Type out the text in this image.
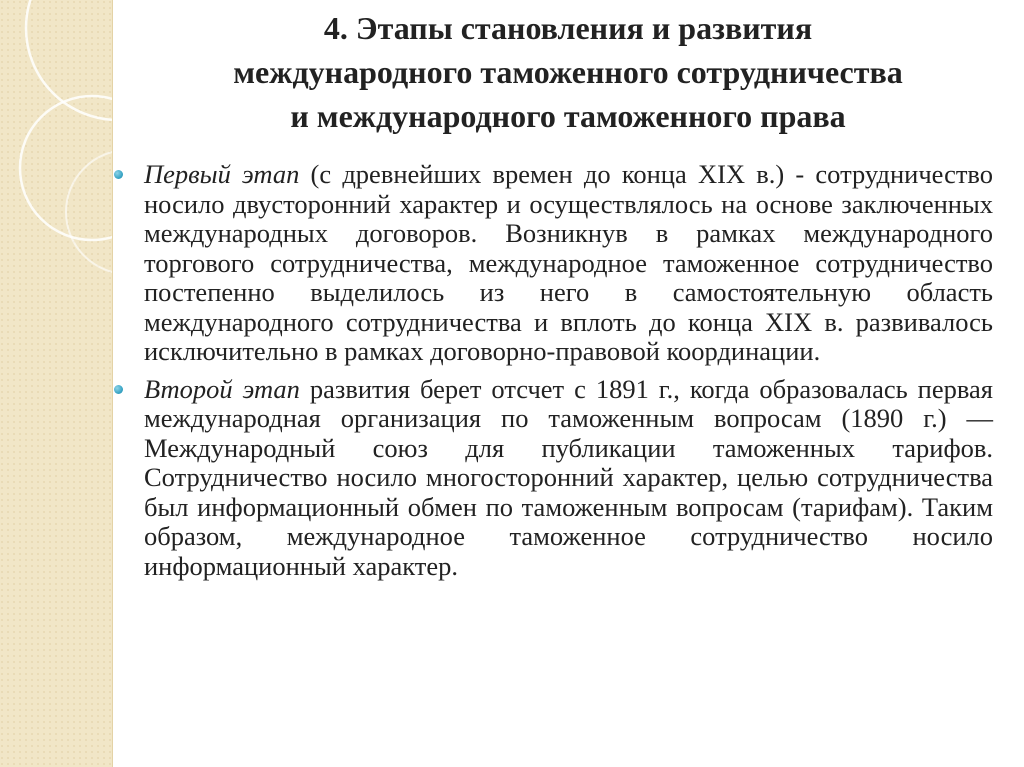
4. Этапы становления и развития
международного таможенного сотрудничества
и международного таможенного права
Первый этап (с древнейших времен до конца XIX в.) - сотрудничество носило двусторонний характер и осуществлялось на основе заключенных международных договоров. Возникнув в рамках международного торгового сотрудничества, международное таможенное сотрудничество постепенно выделилось из него в самостоятельную область международного сотрудничества и вплоть до конца XIX в. развивалось исключительно в рамках договорно-правовой координации.
Второй этап развития берет отсчет с 1891 г., когда образовалась первая международная организация по таможенным вопросам (1890 г.) — Международный союз для публикации таможенных тарифов. Сотрудничество носило многосторонний характер, целью сотрудничества был информационный обмен по таможенным вопросам (тарифам). Таким образом, международное таможенное сотрудничество носило информационный характер.
